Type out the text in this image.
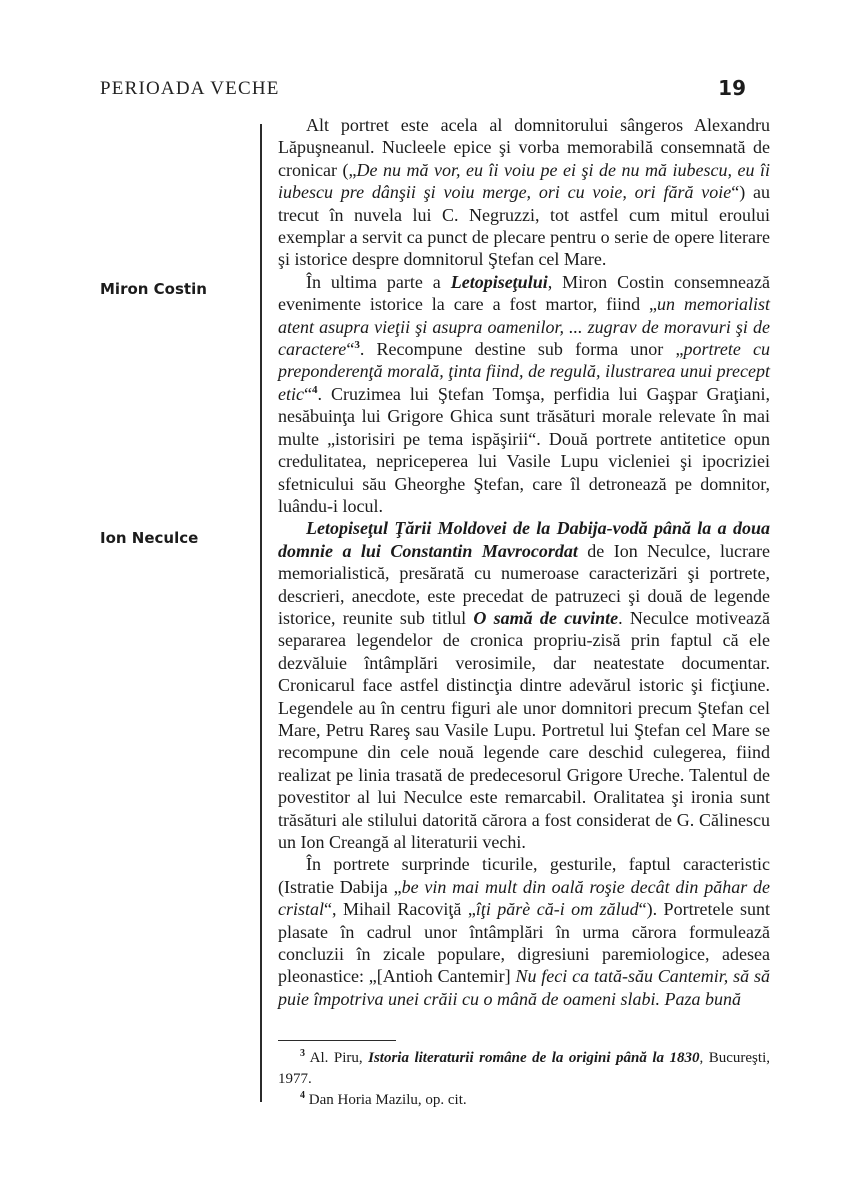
PERIOADA VECHE	19
Miron Costin
Ion Neculce

Alt portret este acela al domnitorului sângeros Alexandru Lăpuşneanul. Nucleele epice şi vorba memorabilă consemnată de cronicar („De nu mă vor, eu îi voiu pe ei şi de nu mă iubescu, eu îi iubescu pre dânşii şi voiu merge, ori cu voie, ori fără voie“) au trecut în nuvela lui C. Negruzzi, tot astfel cum mitul eroului exemplar a servit ca punct de plecare pentru o serie de opere literare şi istorice despre domnitorul Ştefan cel Mare.

În ultima parte a Letopiseţului, Miron Costin consemnează evenimente istorice la care a fost martor, fiind „un memorialist atent asupra vieţii şi asupra oamenilor, ... zugrav de moravuri şi de caractere“$^3$. Recompune destine sub forma unor „portrete cu preponderenţă morală, ţinta fiind, de regulă, ilustrarea unui precept etic“$^4$. Cruzimea lui Ştefan Tomşa, perfidia lui Gaşpar Graţiani, nesăbuinţa lui Grigore Ghica sunt trăsături morale relevate în mai multe „istorisiri pe tema ispăşirii“. Două portrete antitetice opun credulitatea, nepriceperea lui Vasile Lupu vicleniei şi ipocriziei sfetnicului său Gheorghe Ştefan, care îl detronează pe domnitor, luându-i locul.

Letopiseţul Ţării Moldovei de la Dabija-vodă până la a doua domnie a lui Constantin Mavrocordat de Ion Neculce, lucrare memorialistică, presărată cu numeroase caracterizări şi portrete, descrieri, anecdote, este precedat de patruzeci şi două de legende istorice, reunite sub titlul O samă de cuvinte. Neculce motivează separarea legendelor de cronica propriu-zisă prin faptul că ele dezvăluie întâmplări verosimile, dar neatestate documentar. Cronicarul face astfel distincţia dintre adevărul istoric şi ficţiune. Legendele au în centru figuri ale unor domnitori precum Ştefan cel Mare, Petru Rareş sau Vasile Lupu. Portretul lui Ştefan cel Mare se recompune din cele nouă legende care deschid culegerea, fiind realizat pe linia trasată de predecesorul Grigore Ureche. Talentul de povestitor al lui Neculce este remarcabil. Oralitatea şi ironia sunt trăsături ale stilului datorită cărora a fost considerat de G. Călinescu un Ion Creangă al literaturii vechi.

În portrete surprinde ticurile, gesturile, faptul caracteristic (Istratie Dabija „be vin mai mult din oală roşie decât din păhar de cristal“, Mihail Racoviţă „îţi părè că-i om zălud“). Portretele sunt plasate în cadrul unor întâmplări în urma cărora formulează concluzii în zicale populare, digresiuni paremiologice, adesea pleonastice: „[Antioh Cantemir] Nu feci ca tată-său Cantemir, să să puie împotriva unei crăii cu o mână de oameni slabi. Paza bună

$^3$ Al. Piru, Istoria literaturii române de la origini până la 1830, Bucureşti, 1977.

$^4$ Dan Horia Mazilu, op. cit.
